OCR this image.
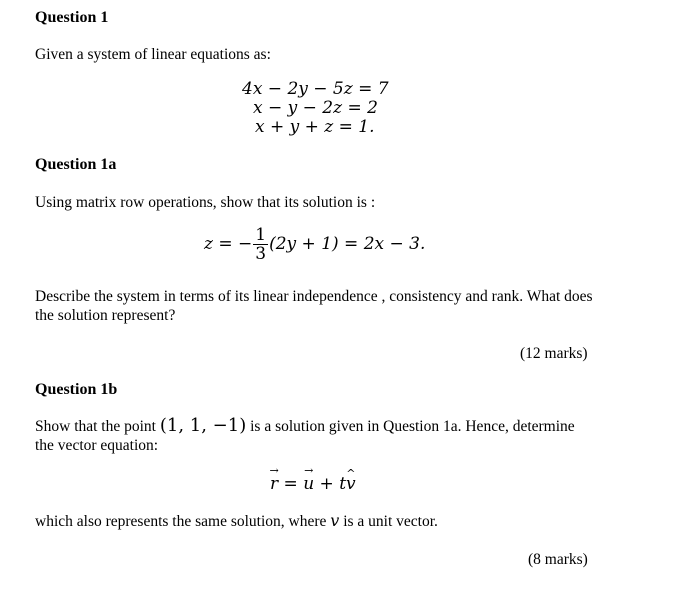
Question 1
Given a system of linear equations as:
4x − 2y − 5z = 7
x − y − 2z = 2
x + y + z = 1.
Question 1a
Using matrix row operations, show that its solution is :
z = − $\frac{1}{3} (2y + 1) = 2x - 3$.
Describe the system in terms of its linear independence , consistency and rank. What does the solution represent?
(12 marks)
Question 1b
Show that the point (1, 1, −1) is a solution given in Question 1a. Hence, determine the vector equation:
→ r = → u + t^ v
which also represents the same solution, where v is a unit vector.
(8 marks)
